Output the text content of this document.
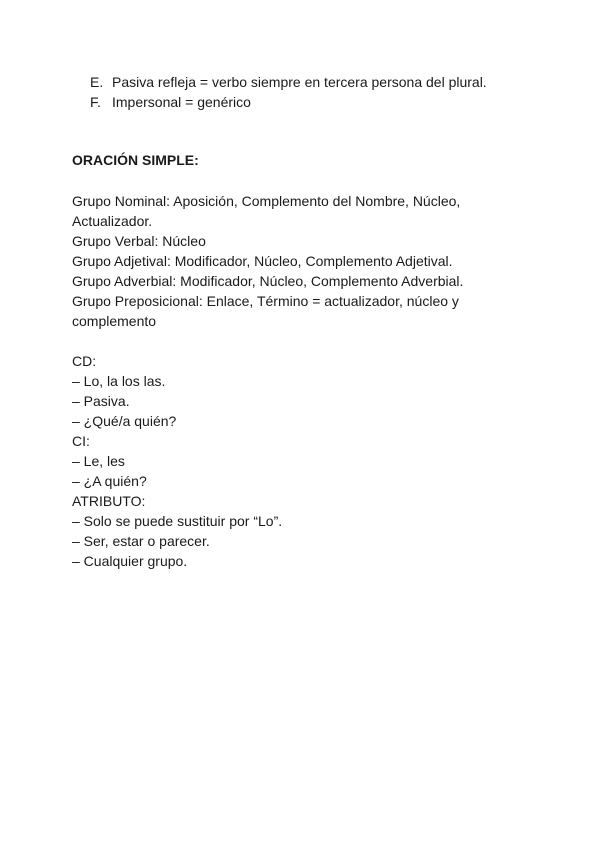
E. Pasiva refleja = verbo siempre en tercera persona del plural.
F. Impersonal = genérico
ORACIÓN SIMPLE:
Grupo Nominal: Aposición, Complemento del Nombre, Núcleo,
Actualizador.
Grupo Verbal: Núcleo
Grupo Adjetival: Modificador, Núcleo, Complemento Adjetival.
Grupo Adverbial: Modificador, Núcleo, Complemento Adverbial.
Grupo Preposicional: Enlace, Término = actualizador, núcleo y
complemento
CD:
– Lo, la los las.
– Pasiva.
– ¿Qué/a quién?
CI:
– Le, les
– ¿A quién?
ATRIBUTO:
– Solo se puede sustituir por “Lo”.
– Ser, estar o parecer.
– Cualquier grupo.
